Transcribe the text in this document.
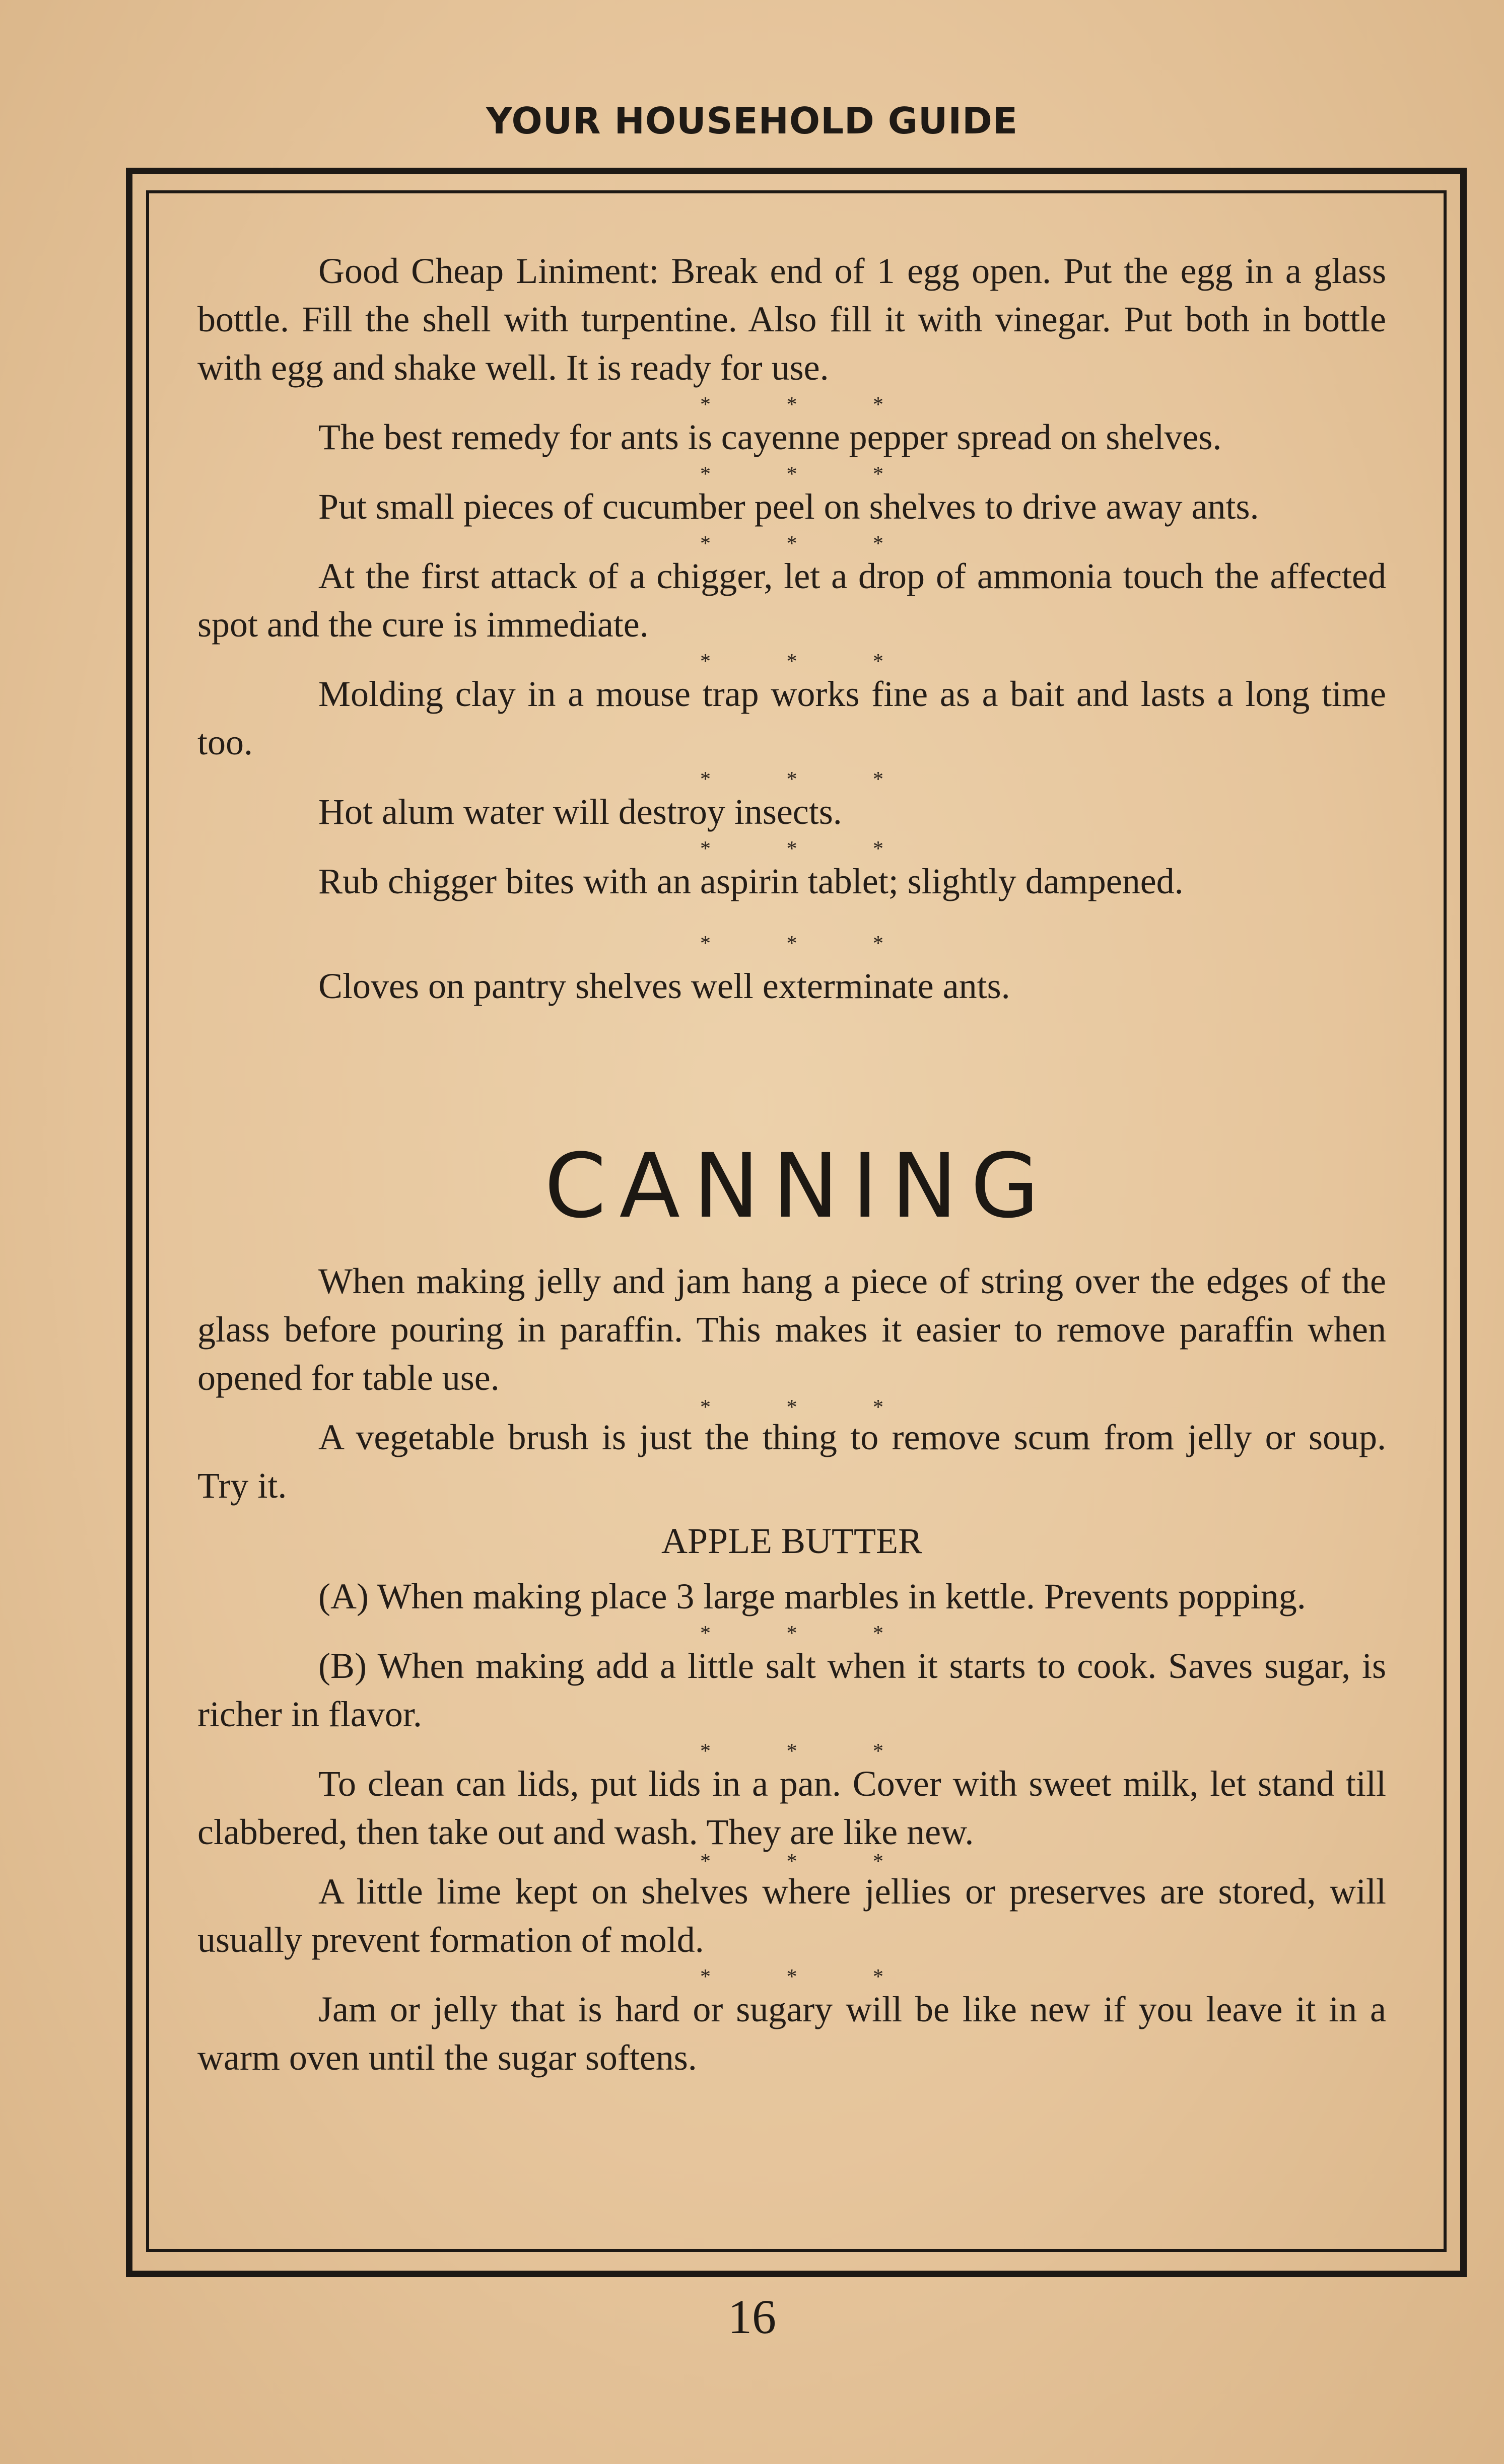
YOUR HOUSEHOLD GUIDE

Good Cheap Liniment: Break end of 1 egg open. Put the egg in a glass bottle. Fill the shell with turpentine. Also fill it with vinegar. Put both in bottle with egg and shake well. It is ready for use.

* * *

The best remedy for ants is cayenne pepper spread on shelves.

* * *

Put small pieces of cucumber peel on shelves to drive away ants.

* * *

At the first attack of a chigger, let a drop of ammonia touch the affected spot and the cure is immediate.

* * *

Molding clay in a mouse trap works fine as a bait and lasts a long time too.

* * *

Hot alum water will destroy insects.

* * *

Rub chigger bites with an aspirin tablet; slightly dampened.

* * *

Cloves on pantry shelves well exterminate ants.

CANNING

When making jelly and jam hang a piece of string over the edges of the glass before pouring in paraffin. This makes it easier to remove paraffin when opened for table use.

* * *

A vegetable brush is just the thing to remove scum from jelly or soup. Try it.

APPLE BUTTER

(A) When making place 3 large marbles in kettle. Prevents popping.

* * *

(B) When making add a little salt when it starts to cook. Saves sugar, is richer in flavor.

* * *

To clean can lids, put lids in a pan. Cover with sweet milk, let stand till clabbered, then take out and wash. They are like new.

* * *

A little lime kept on shelves where jellies or preserves are stored, will usually prevent formation of mold.

* * *

Jam or jelly that is hard or sugary will be like new if you leave it in a warm oven until the sugar softens.

16
